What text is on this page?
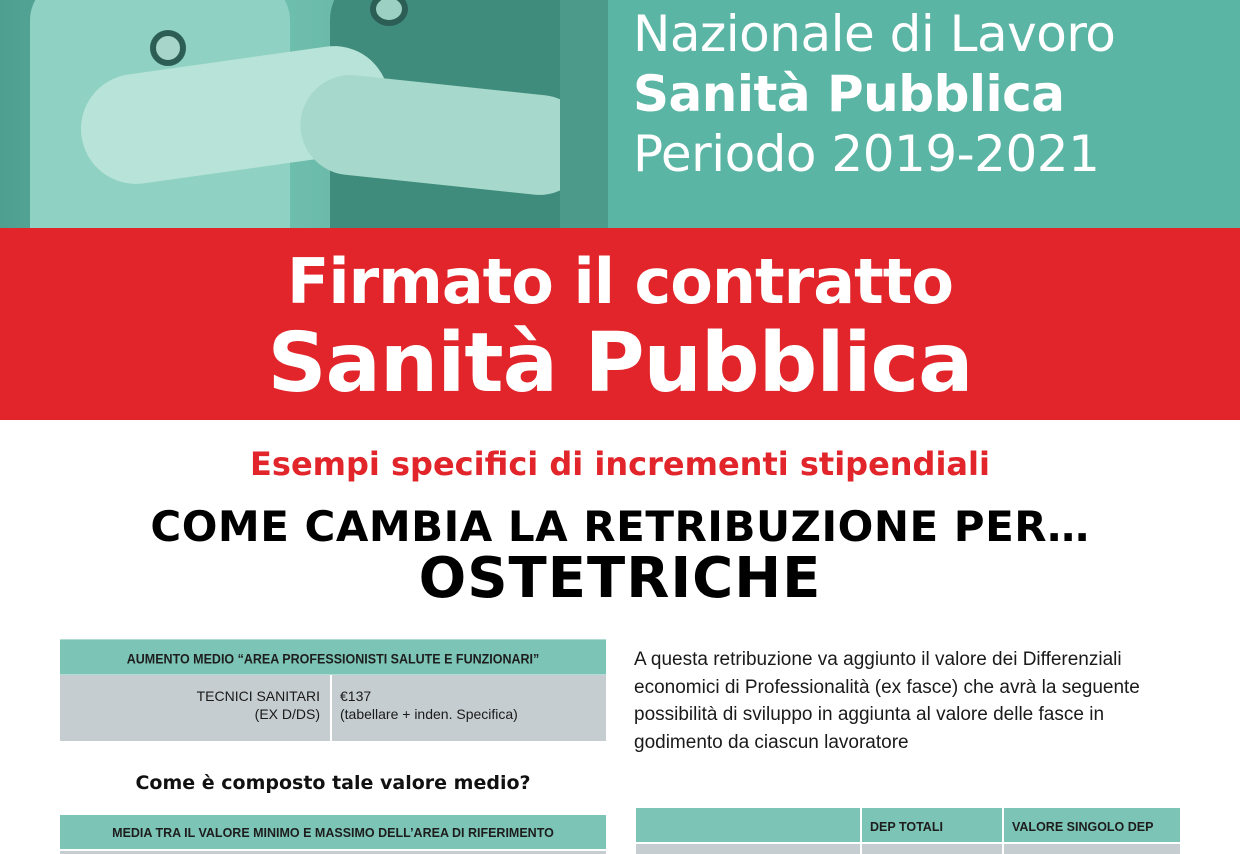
Nazionale di Lavoro
Sanità Pubblica
Periodo 2019-2021
Firmato il contratto
Sanità Pubblica
Esempi specifici di incrementi stipendiali
COME CAMBIA LA RETRIBUZIONE PER…
OSTETRICHE
AUMENTO MEDIO “AREA PROFESSIONISTI SALUTE E FUNZIONARI”
TECNICI SANITARI
(EX D/DS)
€137
(tabellare + inden. Specifica)
Come è composto tale valore medio?
MEDIA TRA IL VALORE MINIMO E MASSIMO DELL’AREA DI RIFERIMENTO
A questa retribuzione va aggiunto il valore dei Differenziali economici di Professionalità (ex fasce) che avrà la seguente possibilità di sviluppo in aggiunta al valore delle fasce in godimento da ciascun lavoratore
DEP TOTALI	VALORE SINGOLO DEP
